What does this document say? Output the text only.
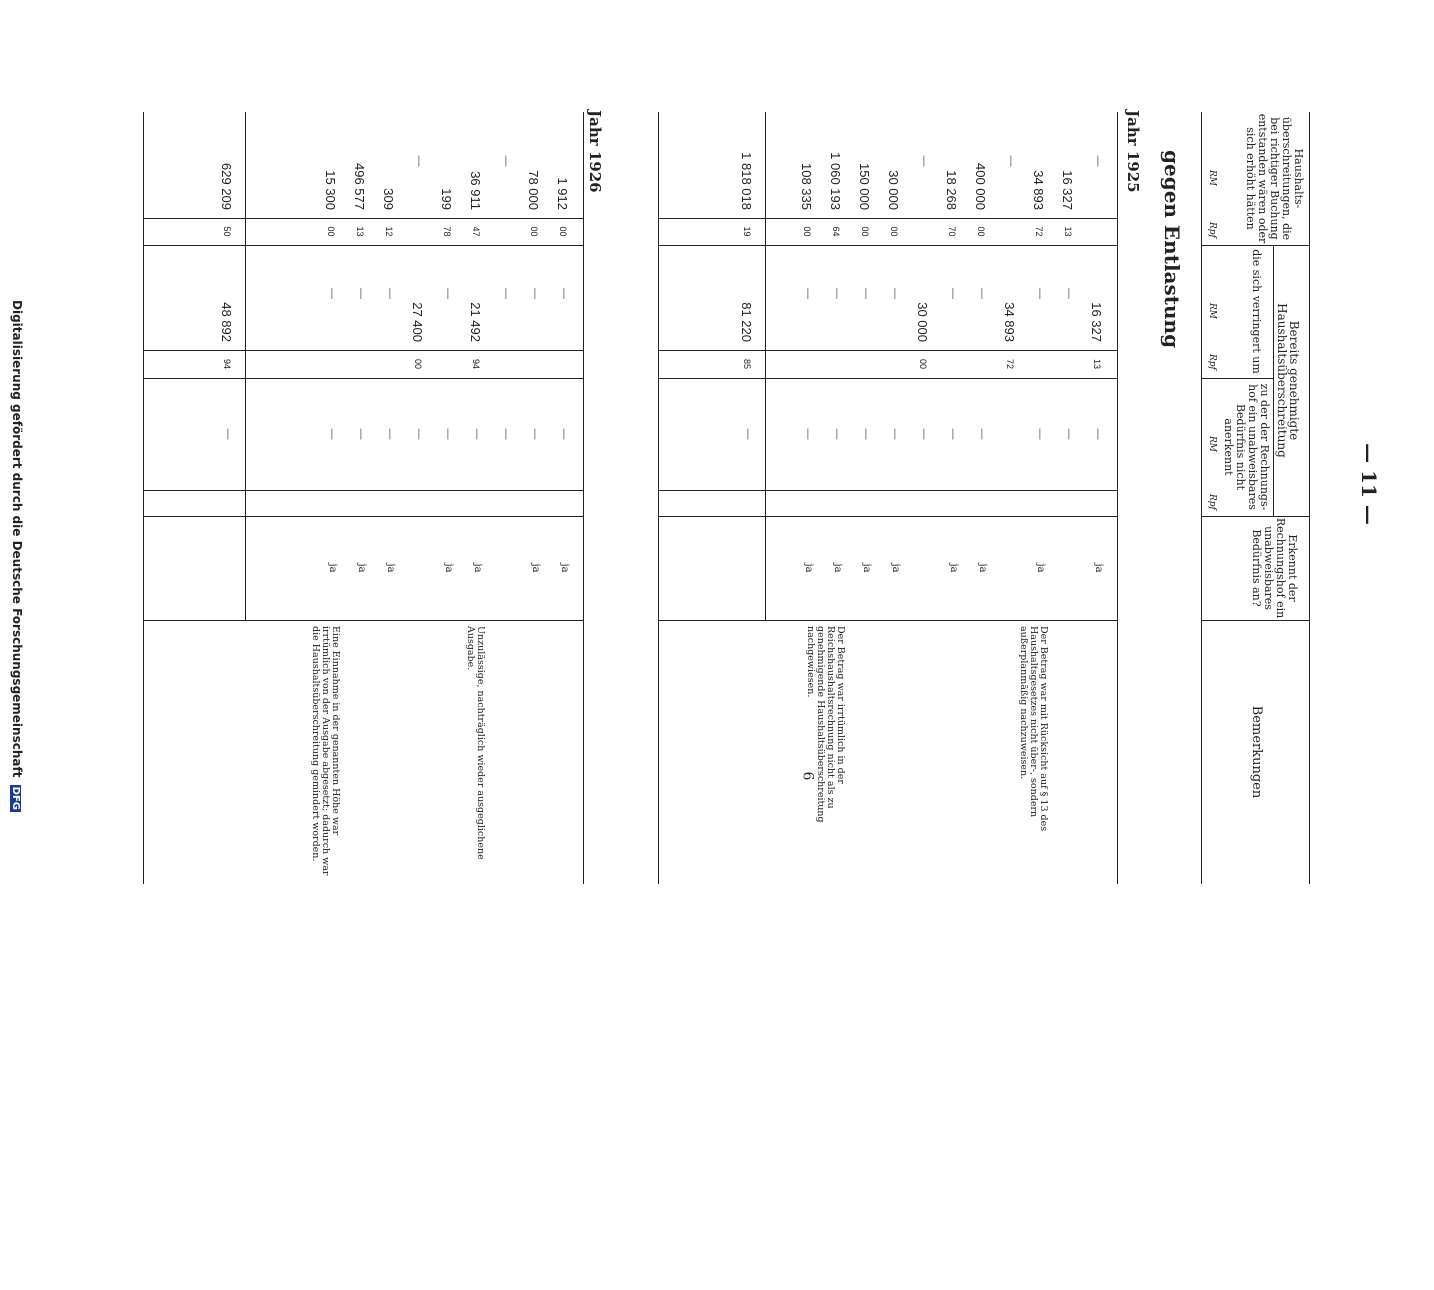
— 11 —
6
Digitalisierung gefördert durch die Deutsche Forschungsgemeinschaft DFG
Haushalts-überschreitungen, die bei richtiger Buchung entstanden wären oder sich erhöht hätten
Bereits genehmigte Haushaltsüberschreitung
die sich verringert um
zu der der Rechnungs-hof ein unabweisbares Bedürfnis nicht anerkennt
Erkennt der Rechnungshof ein unabweisbares Bedürfnis an?
Bemerkungen
RM
Rpf
RM
Rpf
RM
Rpf
gegen Entlastung
Jahr 1925
—
16 327
13
—
ja
16 327
13
—
—
34 893
72
—
—
ja
Der Betrag war mit Rücksicht auf § 13 des Haushaltsgesetzes nicht über-, sondern außerplanmäßig nachzuweisen.
—
34 893
72
400 000
00
—
—
ja
18 268
70
—
—
ja
—
30 000
00
—
30 000
00
—
—
ja
150 000
00
—
—
ja
1 060 193
64
—
—
ja
Der Betrag war irrtümlich in der Reichshaushaltsrechnung nicht als zu genehmigende Haushaltsüberschreitung nachgewiesen.
108 335
00
—
—
ja
1 818 018
19
81 220
85
—
Jahr 1926
1 912
00
—
—
ja
78 000
00
—
—
ja
—
—
—
36 911
47
21 492
94
—
ja
Unzulässige, nachträglich wieder ausgeglichene Ausgabe.
199
78
—
—
ja
—
27 400
00
—
309
12
—
—
ja
496 577
13
—
—
ja
15 300
00
—
—
ja
Eine Einnahme in der genannten Höhe war irrtümlich von der Ausgabe abgesetzt; dadurch war die Haushaltsüberschreitung gemindert worden.
629 209
50
48 892
94
—
